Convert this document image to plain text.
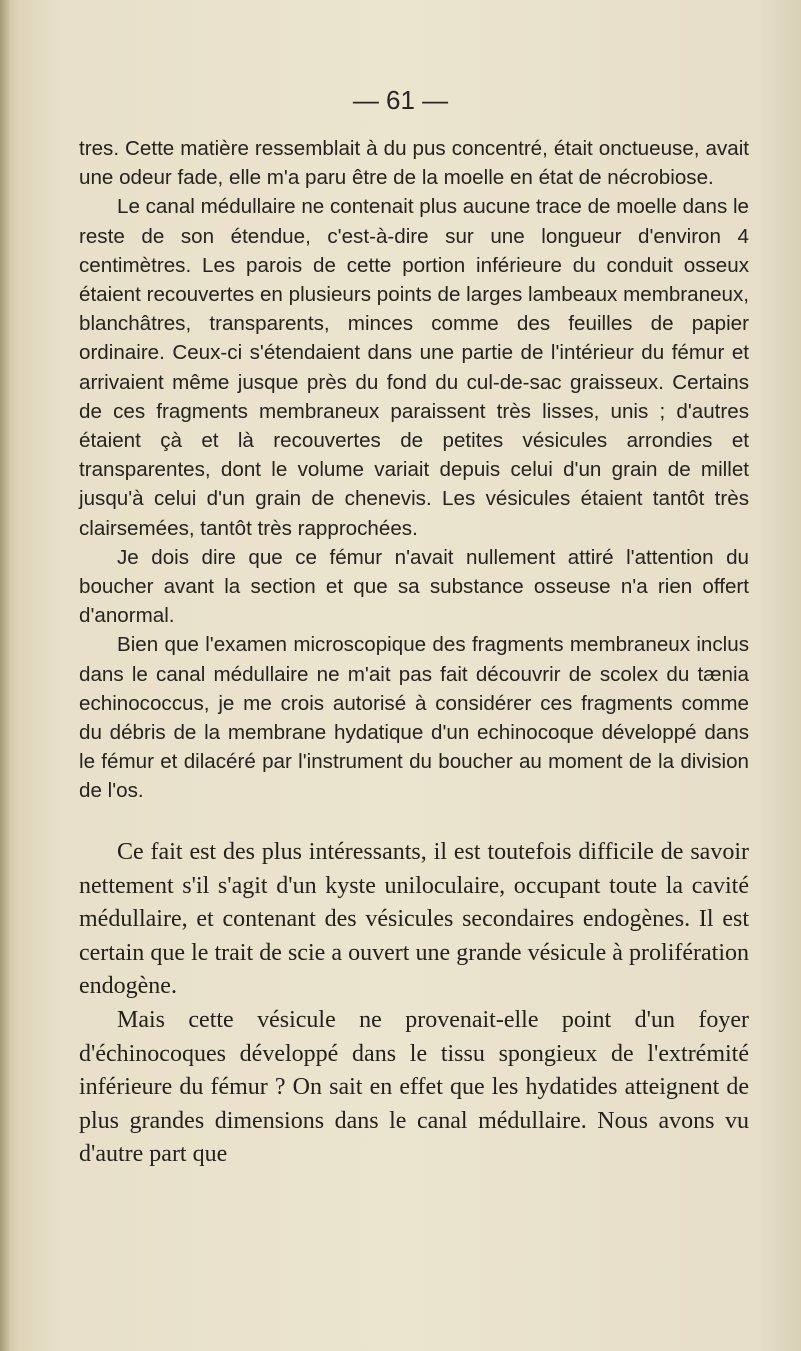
— 61 —

tres. Cette matière ressemblait à du pus concentré, était onctueuse, avait une odeur fade, elle m'a paru être de la moelle en état de nécrobiose.

Le canal médullaire ne contenait plus aucune trace de moelle dans le reste de son étendue, c'est-à-dire sur une longueur d'environ 4 centimètres. Les parois de cette portion inférieure du conduit osseux étaient recouvertes en plusieurs points de larges lambeaux membraneux, blanchâtres, transparents, minces comme des feuilles de papier ordinaire. Ceux-ci s'étendaient dans une partie de l'intérieur du fémur et arrivaient même jusque près du fond du cul-de-sac graisseux. Certains de ces fragments membraneux paraissent très lisses, unis ; d'autres étaient çà et là recouvertes de petites vésicules arrondies et transparentes, dont le volume variait depuis celui d'un grain de millet jusqu'à celui d'un grain de chenevis. Les vésicules étaient tantôt très clairsemées, tantôt très rapprochées.

Je dois dire que ce fémur n'avait nullement attiré l'attention du boucher avant la section et que sa substance osseuse n'a rien offert d'anormal.

Bien que l'examen microscopique des fragments membraneux inclus dans le canal médullaire ne m'ait pas fait découvrir de scolex du tænia echinococcus, je me crois autorisé à considérer ces fragments comme du débris de la membrane hydatique d'un echinocoque développé dans le fémur et dilacéré par l'instrument du boucher au moment de la division de l'os.

Ce fait est des plus intéressants, il est toutefois difficile de savoir nettement s'il s'agit d'un kyste uniloculaire, occupant toute la cavité médullaire, et contenant des vésicules secondaires endogènes. Il est certain que le trait de scie a ouvert une grande vésicule à prolifération endogène.

Mais cette vésicule ne provenait-elle point d'un foyer d'échinocoques développé dans le tissu spongieux de l'extrémité inférieure du fémur ? On sait en effet que les hydatides atteignent de plus grandes dimensions dans le canal médullaire. Nous avons vu d'autre part que
